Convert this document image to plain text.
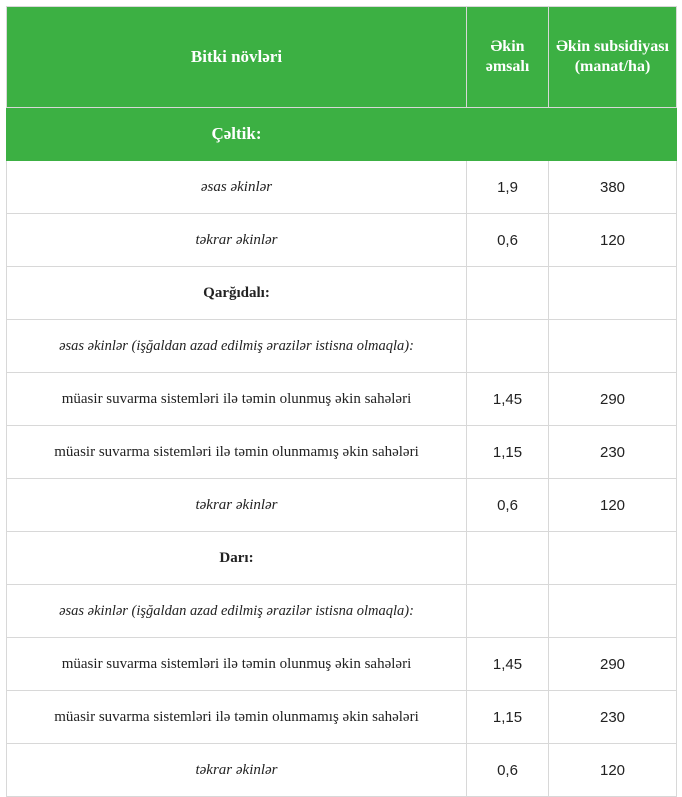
Bitki növləri	Əkin əmsalı	Əkin subsidiyası (manat/ha)
Çəltik:		
əsas əkinlər	1,9	380
təkrar əkinlər	0,6	120
Qarğıdalı:		
əsas əkinlər (işğaldan azad edilmiş ərazilər istisna olmaqla):		
müasir suvarma sistemləri ilə təmin olunmuş əkin sahələri	1,45	290
müasir suvarma sistemləri ilə təmin olunmamış əkin sahələri	1,15	230
təkrar əkinlər	0,6	120
Darı:		
əsas əkinlər (işğaldan azad edilmiş ərazilər istisna olmaqla):		
müasir suvarma sistemləri ilə təmin olunmuş əkin sahələri	1,45	290
müasir suvarma sistemləri ilə təmin olunmamış əkin sahələri	1,15	230
təkrar əkinlər	0,6	120
